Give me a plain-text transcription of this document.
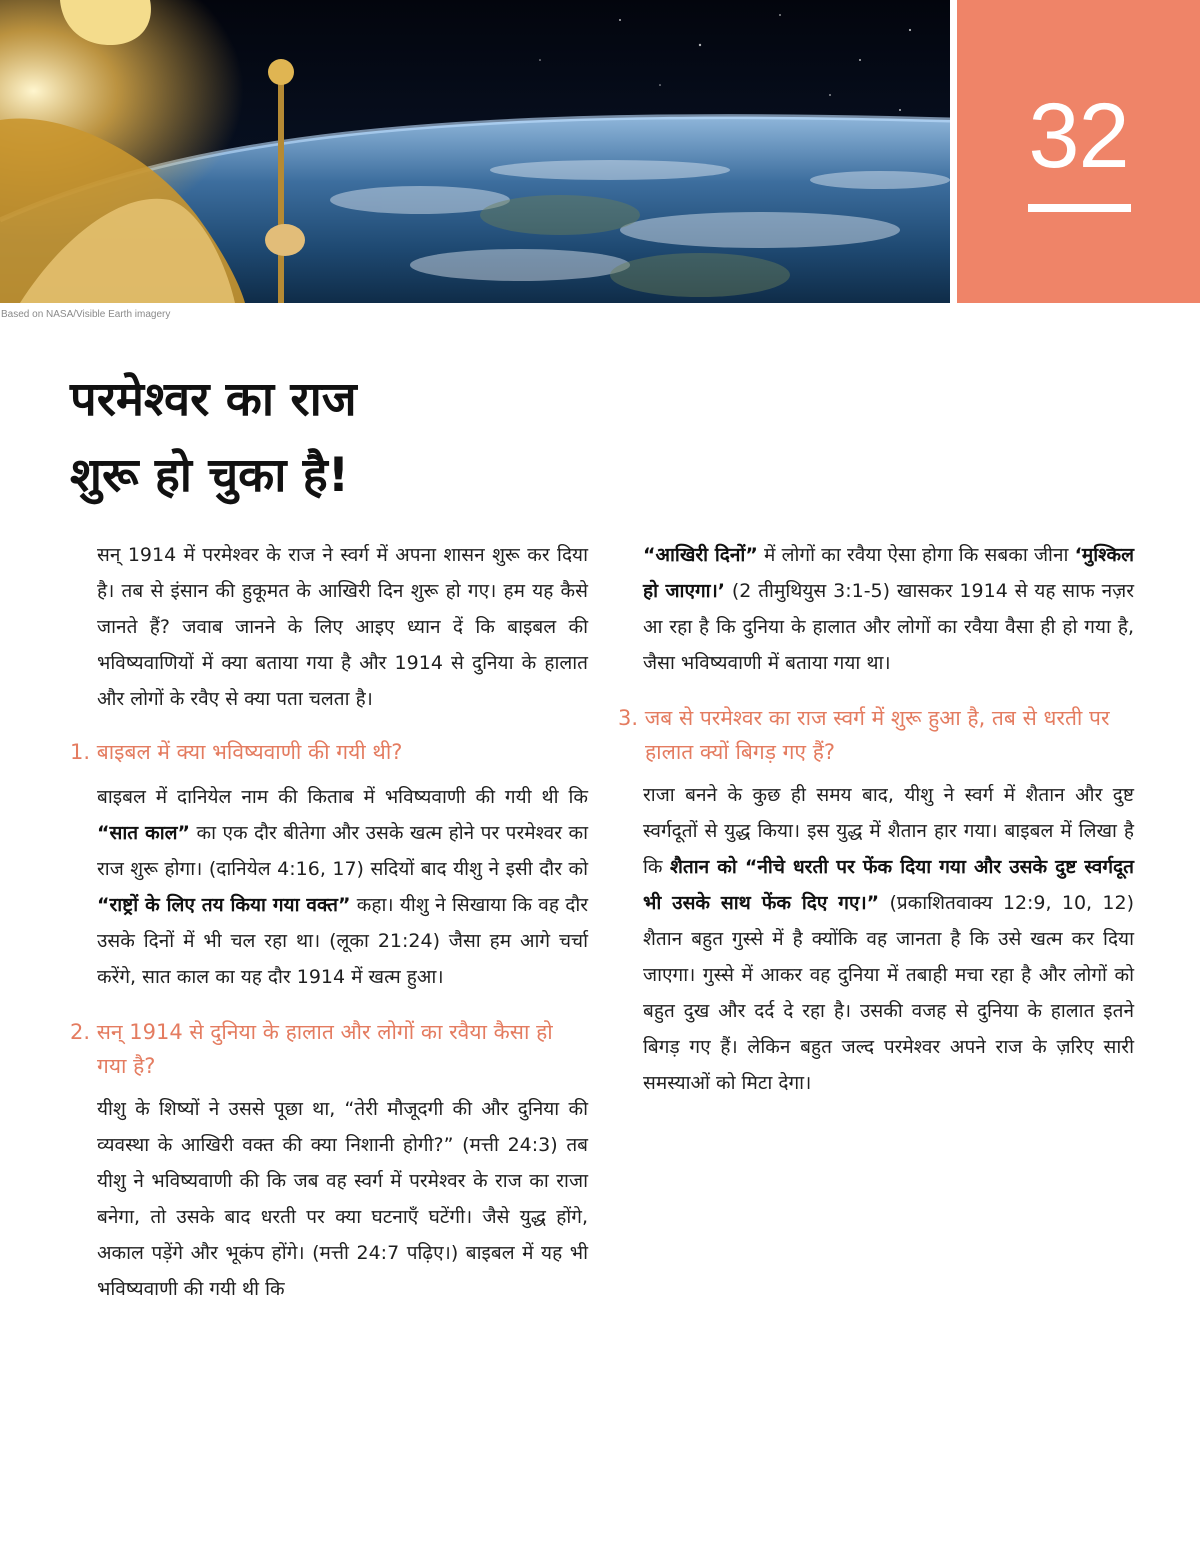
32
Based on NASA/Visible Earth imagery
परमेश्वर का राज
शुरू हो चुका है!

सन् 1914 में परमेश्वर के राज ने स्वर्ग में अपना शासन शुरू कर दिया है। तब से इंसान की हुकूमत के आखिरी दिन शुरू हो गए। हम यह कैसे जानते हैं? जवाब जानने के लिए आइए ध्यान दें कि बाइबल की भविष्यवाणियों में क्या बताया गया है और 1914 से दुनिया के हालात और लोगों के रवैए से क्या पता चलता है।

1. बाइबल में क्या भविष्यवाणी की गयी थी?

बाइबल में दानियेल नाम की किताब में भविष्यवाणी की गयी थी कि “सात काल” का एक दौर बीतेगा और उसके खत्म होने पर परमेश्वर का राज शुरू होगा। (दानियेल 4:16, 17) सदियों बाद यीशु ने इसी दौर को “राष्ट्रों के लिए तय किया गया वक्त” कहा। यीशु ने सिखाया कि वह दौर उसके दिनों में भी चल रहा था। (लूका 21:24) जैसा हम आगे चर्चा करेंगे, सात काल का यह दौर 1914 में खत्म हुआ।

2. सन् 1914 से दुनिया के हालात और लोगों का रवैया कैसा हो गया है?

यीशु के शिष्यों ने उससे पूछा था, “तेरी मौजूदगी की और दुनिया की व्यवस्था के आखिरी वक्त की क्या निशानी होगी?” (मत्ती 24:3) तब यीशु ने भविष्यवाणी की कि जब वह स्वर्ग में परमेश्वर के राज का राजा बनेगा, तो उसके बाद धरती पर क्या घटनाएँ घटेंगी। जैसे युद्ध होंगे, अकाल पड़ेंगे और भूकंप होंगे। (मत्ती 24:7 पढ़िए।) बाइबल में यह भी भविष्यवाणी की गयी थी कि

“आखिरी दिनों” में लोगों का रवैया ऐसा होगा कि सबका जीना ‘मुश्किल हो जाएगा।’ (2 तीमुथियुस 3:1-5) खासकर 1914 से यह साफ नज़र आ रहा है कि दुनिया के हालात और लोगों का रवैया वैसा ही हो गया है, जैसा भविष्यवाणी में बताया गया था।

3. जब से परमेश्वर का राज स्वर्ग में शुरू हुआ है, तब से धरती पर हालात क्यों बिगड़ गए हैं?

राजा बनने के कुछ ही समय बाद, यीशु ने स्वर्ग में शैतान और दुष्ट स्वर्गदूतों से युद्ध किया। इस युद्ध में शैतान हार गया। बाइबल में लिखा है कि शैतान को “नीचे धरती पर फेंक दिया गया और उसके दुष्ट स्वर्गदूत भी उसके साथ फेंक दिए गए।” (प्रकाशितवाक्य 12:9, 10, 12) शैतान बहुत गुस्से में है क्योंकि वह जानता है कि उसे खत्म कर दिया जाएगा। गुस्से में आकर वह दुनिया में तबाही मचा रहा है और लोगों को बहुत दुख और दर्द दे रहा है। उसकी वजह से दुनिया के हालात इतने बिगड़ गए हैं। लेकिन बहुत जल्द परमेश्वर अपने राज के ज़रिए सारी समस्याओं को मिटा देगा।
